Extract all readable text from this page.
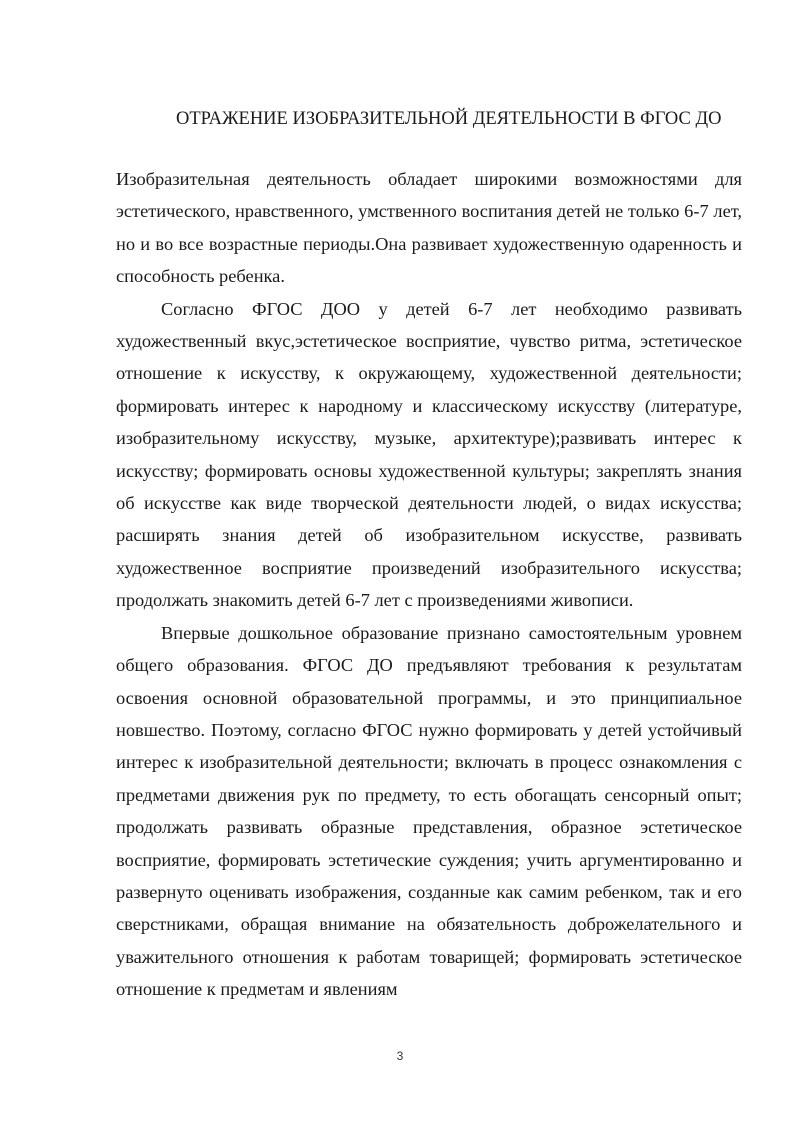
ОТРАЖЕНИЕ ИЗОБРАЗИТЕЛЬНОЙ ДЕЯТЕЛЬНОСТИ В ФГОС ДО

Изобразительная деятельность обладает широкими возможностями для эстетического, нравственного, умственного воспитания детей не только 6-7 лет, но и во все возрастные периоды.Она развивает художественную одаренность и способность ребенка.

Согласно ФГОС ДОО у детей 6-7 лет необходимо развивать художественный вкус,эстетическое восприятие, чувство ритма, эстетическое отношение к искусству, к окружающему, художественной деятельности; формировать интерес к народному и классическому искусству (литературе, изобразительному искусству, музыке, архитектуре);развивать интерес к искусству; формировать основы художественной культуры; закреплять знания об искусстве как виде творческой деятельности людей, о видах искусства; расширять знания детей об изобразительном искусстве, развивать художественное восприятие произведений изобразительного искусства; продолжать знакомить детей 6-7 лет с произведениями живописи.

Впервые дошкольное образование признано самостоятельным уровнем общего образования. ФГОС ДО предъявляют требования к результатам освоения основной образовательной программы, и это принципиальное новшество. Поэтому, согласно ФГОС нужно формировать у детей устойчивый интерес к изобразительной деятельности; включать в процесс ознакомления с предметами движения рук по предмету, то есть обогащать сенсорный опыт; продолжать развивать образные представления, образное эстетическое восприятие, формировать эстетические суждения; учить аргументированно и развернуто оценивать изображения, созданные как самим ребенком, так и его сверстниками, обращая внимание на обязательность доброжелательного и уважительного отношения к работам товарищей; формировать эстетическое отношение к предметам и явлениям

3
